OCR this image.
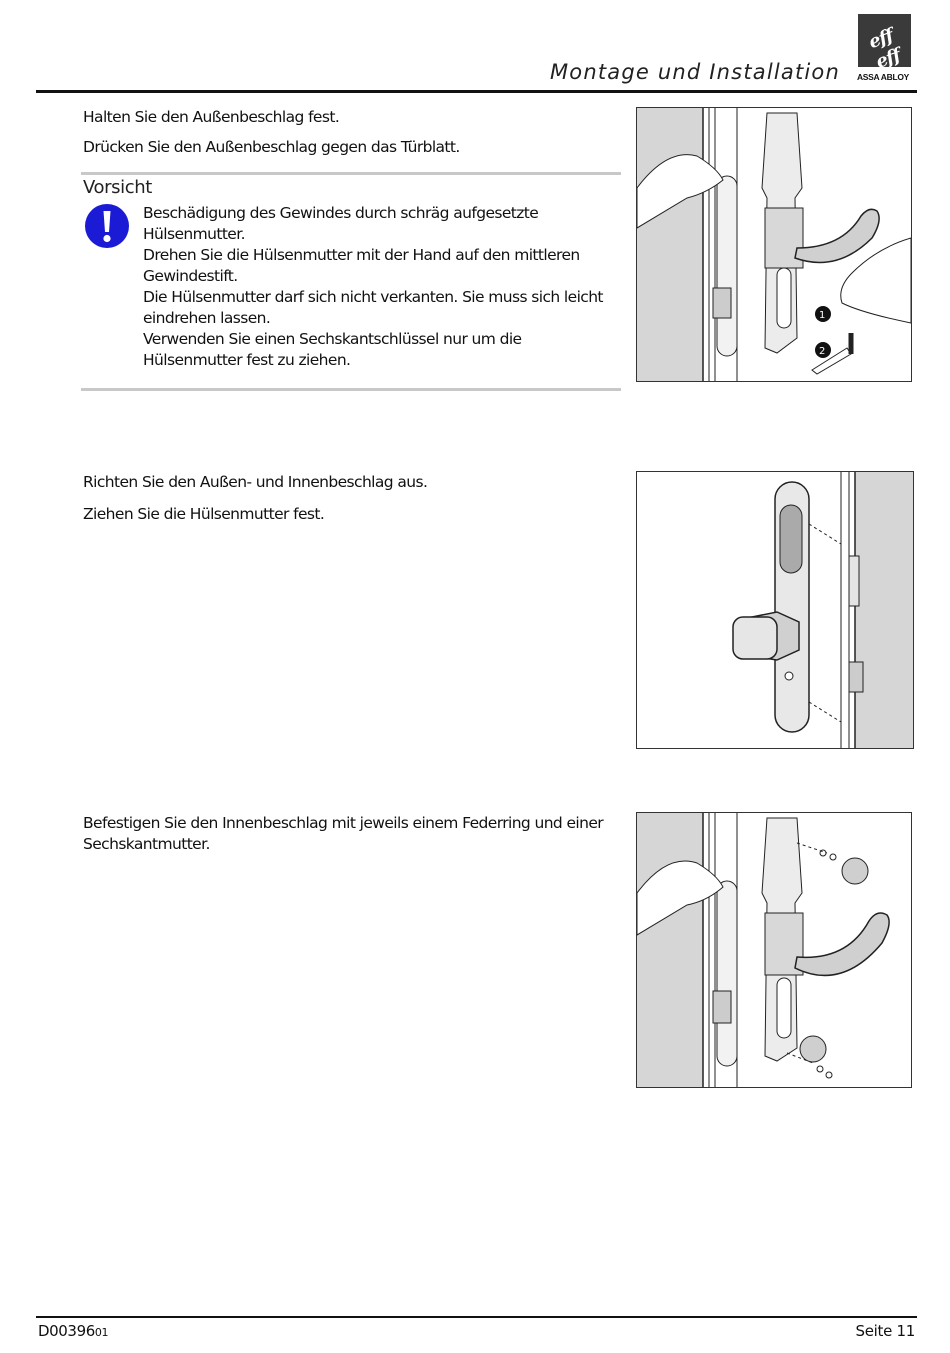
eff eff
ASSA ABLOY
Montage und Installation
Halten Sie den Außenbeschlag fest.
Drücken Sie den Außenbeschlag gegen das Türblatt.
Vorsicht
Beschädigung des Gewindes durch schräg aufgesetzte
Hülsenmutter.
Drehen Sie die Hülsenmutter mit der Hand auf den mittleren
Gewindestift.
Die Hülsenmutter darf sich nicht verkanten. Sie muss sich leicht
eindrehen lassen.
Verwenden Sie einen Sechskantschlüssel nur um die
Hülsenmutter fest zu ziehen.
1
2
Richten Sie den Außen- und Innenbeschlag aus.
Ziehen Sie die Hülsenmutter fest.
Befestigen Sie den Innenbeschlag mit jeweils einem Federring und einer
Sechskantmutter.
D0039601	Seite 11
